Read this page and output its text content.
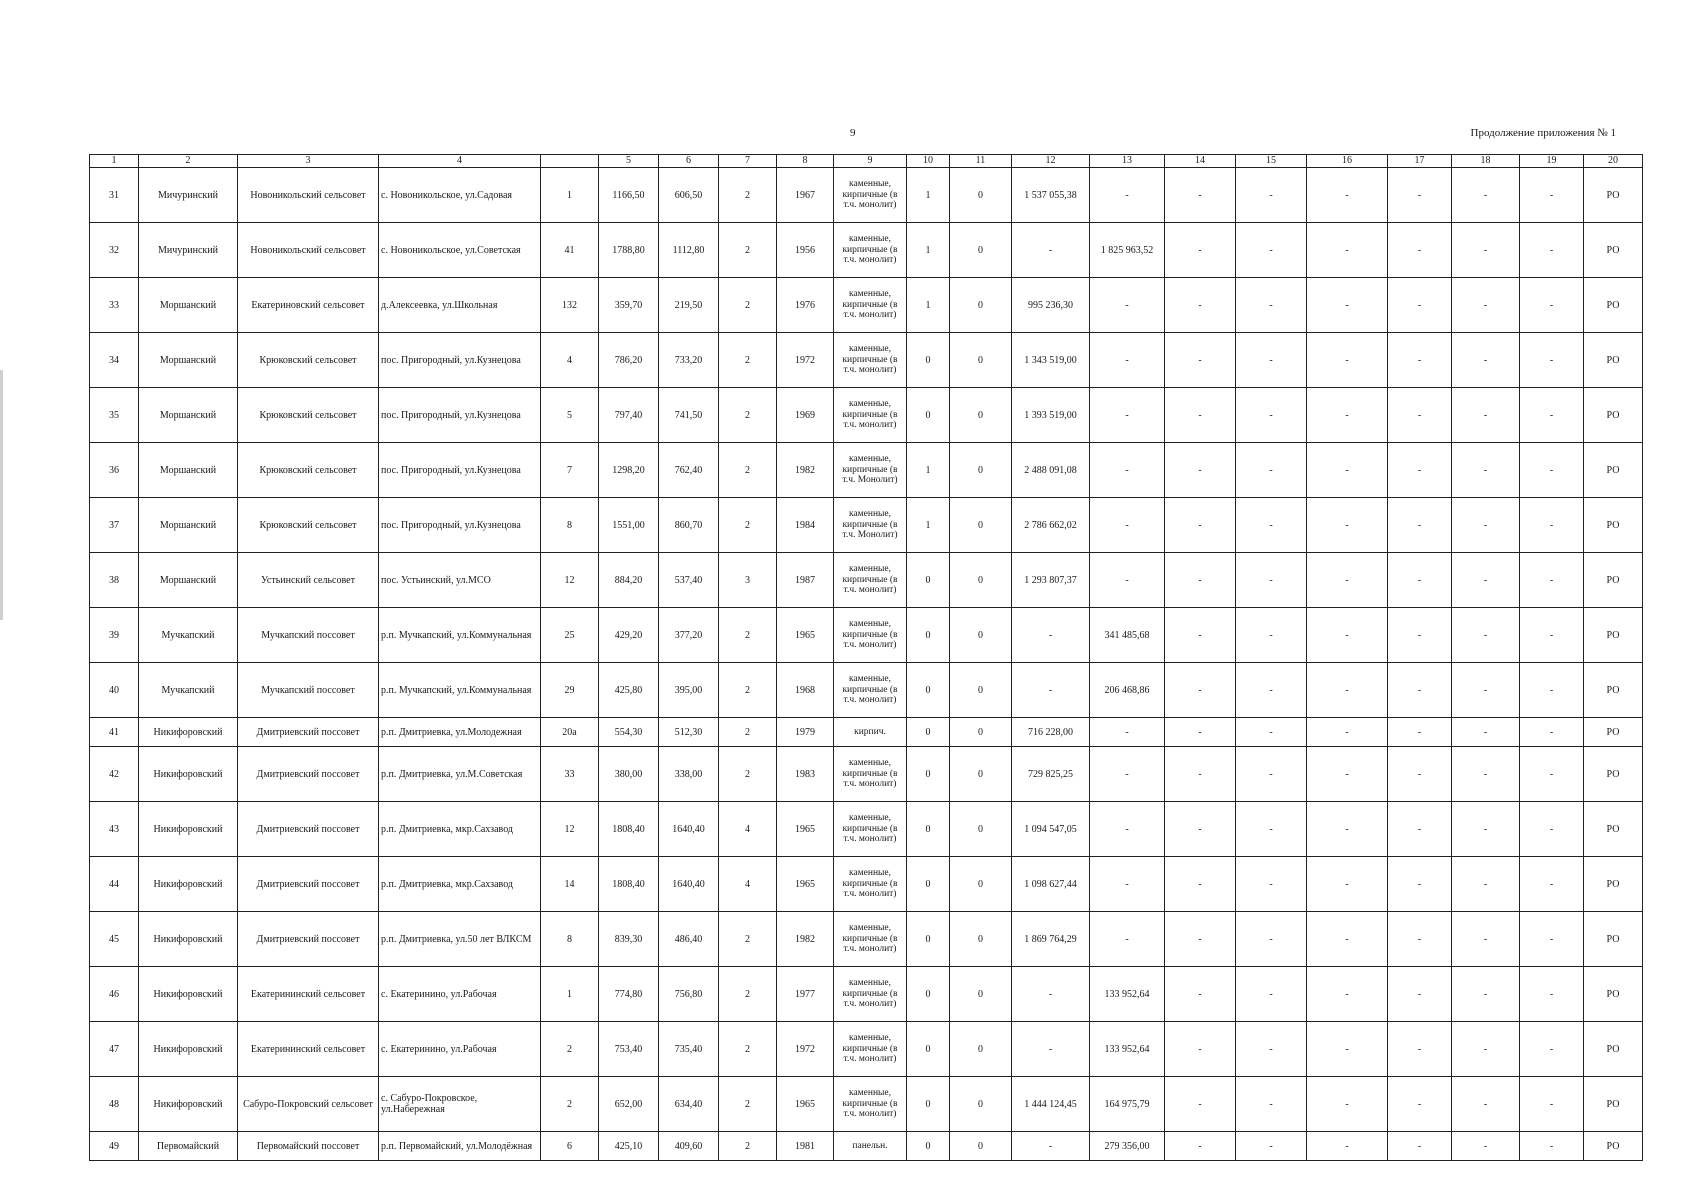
9	Продолжение приложения № 1
1	2	3	4		5	6	7	8	9	10	11	12	13	14	15	16	17	18	19	20
31	Мичуринский	Новоникольский сельсовет	с. Новоникольское, ул.Садовая	1	1166,50	606,50	2	1967	каменные, кирпичные (в т.ч. монолит)	1	0	1 537 055,38	-	-	-	-	-	-	-	РО
32	Мичуринский	Новоникольский сельсовет	с. Новоникольское, ул.Советская	41	1788,80	1112,80	2	1956	каменные, кирпичные (в т.ч. монолит)	1	0	-	1 825 963,52	-	-	-	-	-	-	РО
33	Моршанский	Екатериновский сельсовет	д.Алексеевка, ул.Школьная	132	359,70	219,50	2	1976	каменные, кирпичные (в т.ч. монолит)	1	0	995 236,30	-	-	-	-	-	-	-	РО
34	Моршанский	Крюковский сельсовет	пос. Пригородный, ул.Кузнецова	4	786,20	733,20	2	1972	каменные, кирпичные (в т.ч. монолит)	0	0	1 343 519,00	-	-	-	-	-	-	-	РО
35	Моршанский	Крюковский сельсовет	пос. Пригородный, ул.Кузнецова	5	797,40	741,50	2	1969	каменные, кирпичные (в т.ч. монолит)	0	0	1 393 519,00	-	-	-	-	-	-	-	РО
36	Моршанский	Крюковский сельсовет	пос. Пригородный, ул.Кузнецова	7	1298,20	762,40	2	1982	каменные, кирпичные (в т.ч. Монолит)	1	0	2 488 091,08	-	-	-	-	-	-	-	РО
37	Моршанский	Крюковский сельсовет	пос. Пригородный, ул.Кузнецова	8	1551,00	860,70	2	1984	каменные, кирпичные (в т.ч. Монолит)	1	0	2 786 662,02	-	-	-	-	-	-	-	РО
38	Моршанский	Устьинский сельсовет	пос. Устьинский, ул.МСО	12	884,20	537,40	3	1987	каменные, кирпичные (в т.ч. монолит)	0	0	1 293 807,37	-	-	-	-	-	-	-	РО
39	Мучкапский	Мучкапский поссовет	р.п. Мучкапский, ул.Коммунальная	25	429,20	377,20	2	1965	каменные, кирпичные (в т.ч. монолит)	0	0	-	341 485,68	-	-	-	-	-	-	РО
40	Мучкапский	Мучкапский поссовет	р.п. Мучкапский, ул.Коммунальная	29	425,80	395,00	2	1968	каменные, кирпичные (в т.ч. монолит)	0	0	-	206 468,86	-	-	-	-	-	-	РО
41	Никифоровский	Дмитриевский поссовет	р.п. Дмитриевка, ул.Молодежная	20а	554,30	512,30	2	1979	кирпич.	0	0	716 228,00	-	-	-	-	-	-	-	РО
42	Никифоровский	Дмитриевский поссовет	р.п. Дмитриевка, ул.М.Советская	33	380,00	338,00	2	1983	каменные, кирпичные (в т.ч. монолит)	0	0	729 825,25	-	-	-	-	-	-	-	РО
43	Никифоровский	Дмитриевский поссовет	р.п. Дмитриевка, мкр.Сахзавод	12	1808,40	1640,40	4	1965	каменные, кирпичные (в т.ч. монолит)	0	0	1 094 547,05	-	-	-	-	-	-	-	РО
44	Никифоровский	Дмитриевский поссовет	р.п. Дмитриевка, мкр.Сахзавод	14	1808,40	1640,40	4	1965	каменные, кирпичные (в т.ч. монолит)	0	0	1 098 627,44	-	-	-	-	-	-	-	РО
45	Никифоровский	Дмитриевский поссовет	р.п. Дмитриевка, ул.50 лет ВЛКСМ	8	839,30	486,40	2	1982	каменные, кирпичные (в т.ч. монолит)	0	0	1 869 764,29	-	-	-	-	-	-	-	РО
46	Никифоровский	Екатерининский сельсовет	с. Екатеринино, ул.Рабочая	1	774,80	756,80	2	1977	каменные, кирпичные (в т.ч. монолит)	0	0	-	133 952,64	-	-	-	-	-	-	РО
47	Никифоровский	Екатерининский сельсовет	с. Екатеринино, ул.Рабочая	2	753,40	735,40	2	1972	каменные, кирпичные (в т.ч. монолит)	0	0	-	133 952,64	-	-	-	-	-	-	РО
48	Никифоровский	Сабуро-Покровский сельсовет	с. Сабуро-Покровское, ул.Набережная	2	652,00	634,40	2	1965	каменные, кирпичные (в т.ч. монолит)	0	0	1 444 124,45	164 975,79	-	-	-	-	-	-	РО
49	Первомайский	Первомайский поссовет	р.п. Первомайский, ул.Молодёжная	6	425,10	409,60	2	1981	панельн.	0	0	-	279 356,00	-	-	-	-	-	-	РО
